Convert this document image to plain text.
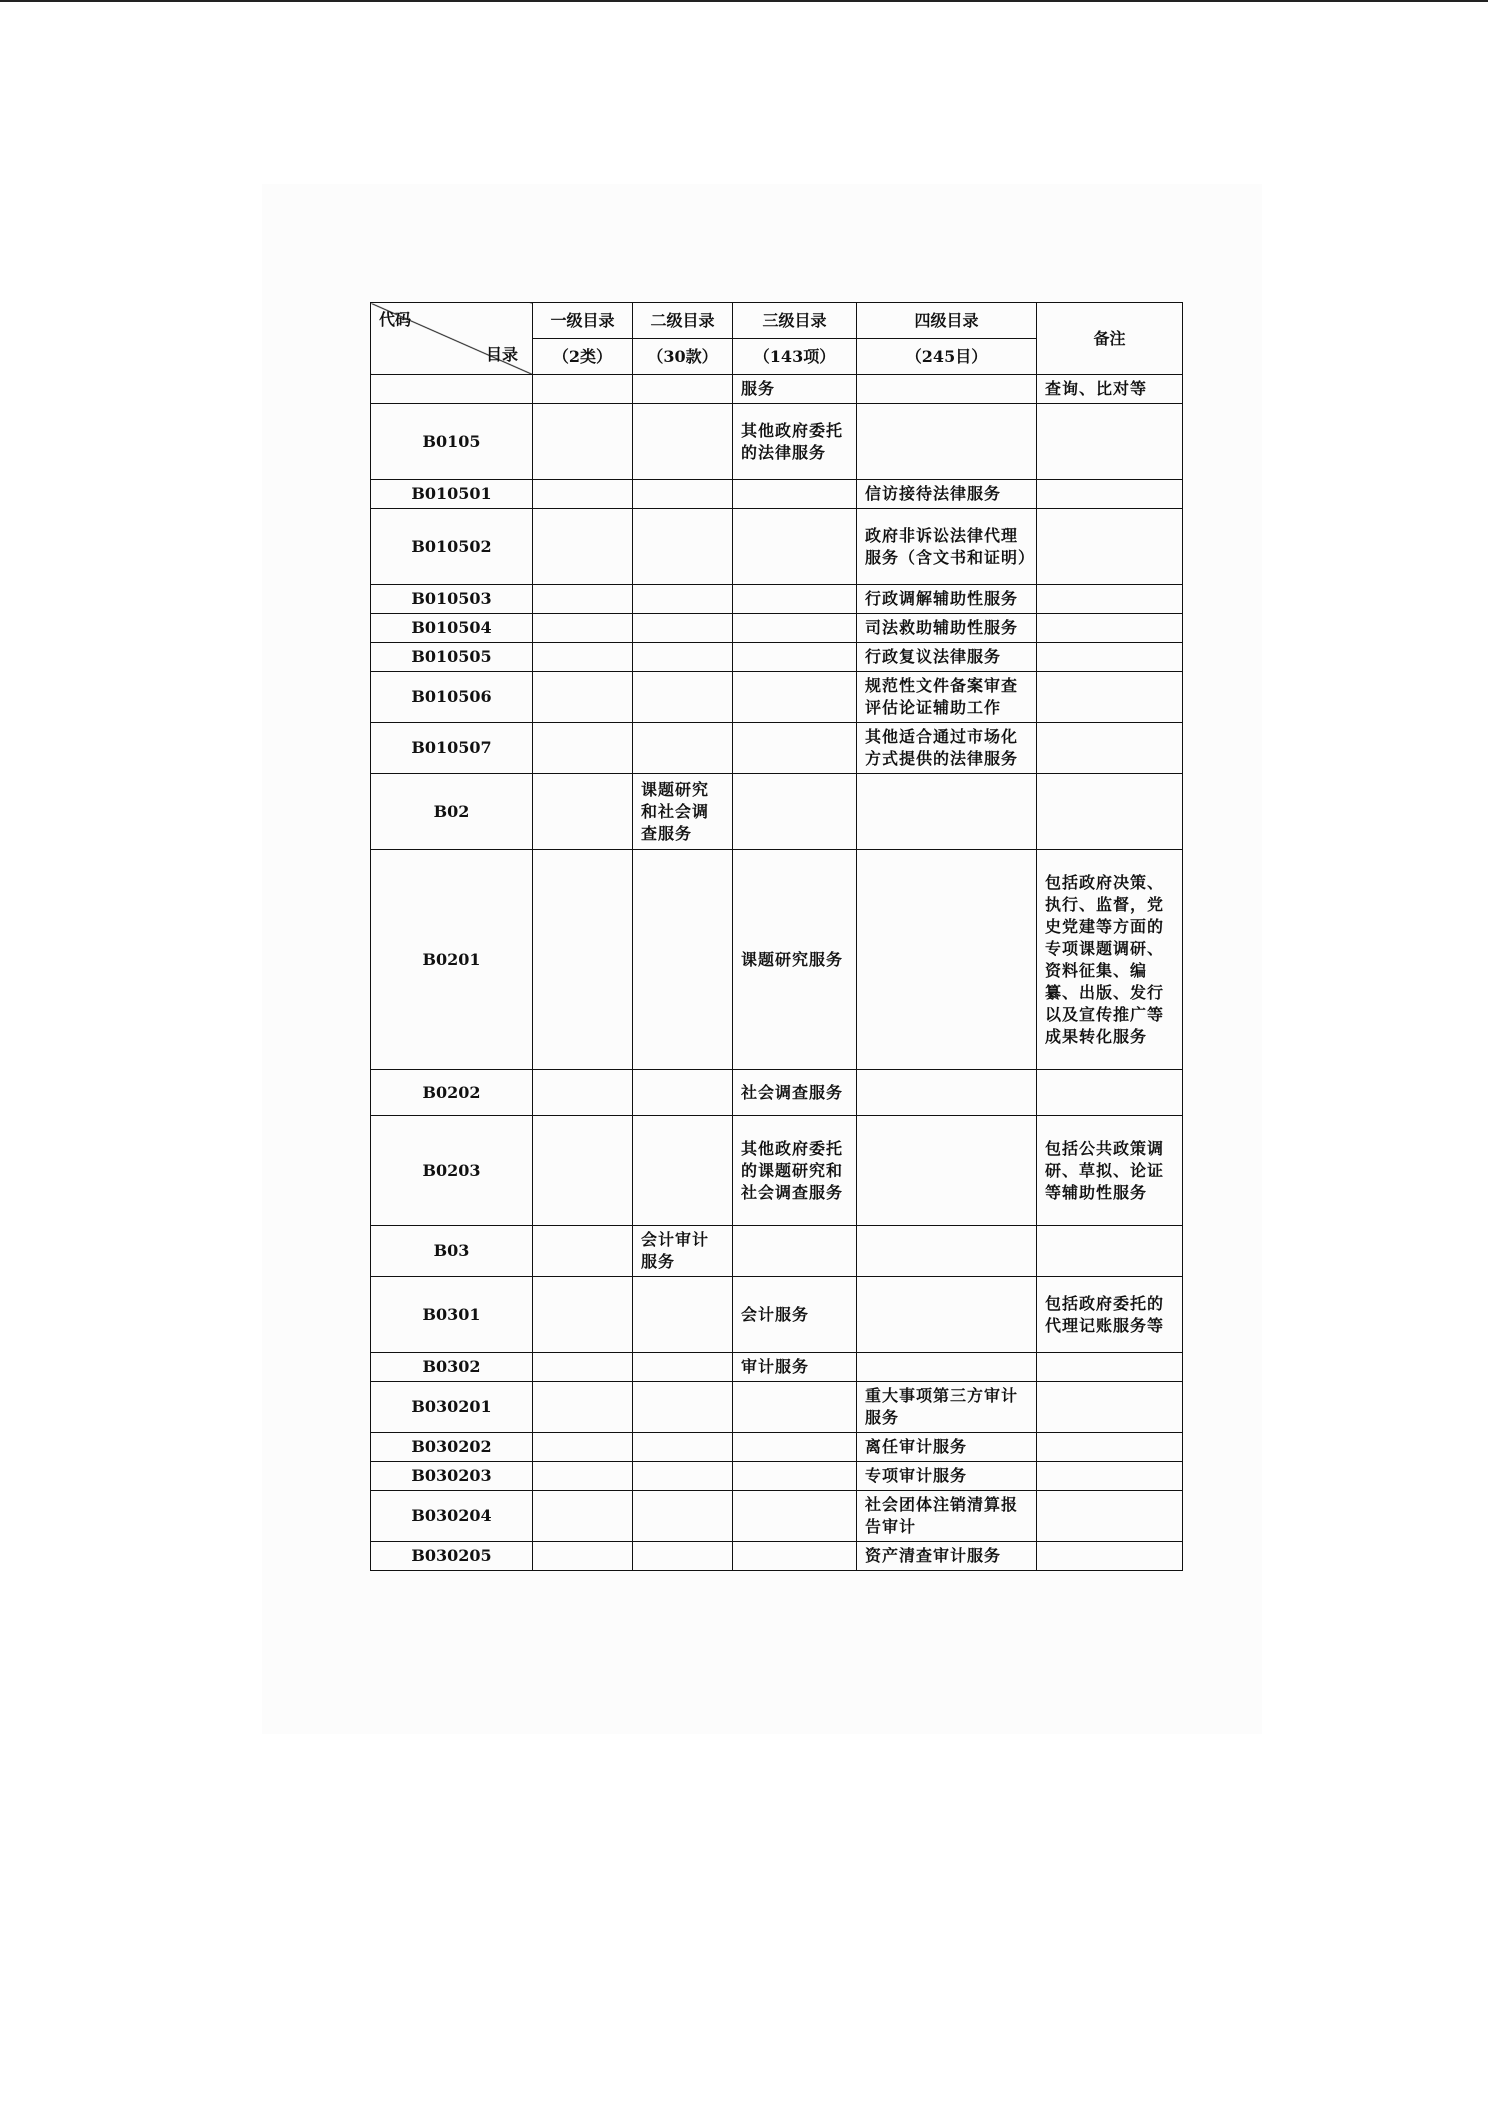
代码
目录	一级目录	二级目录	三级目录	四级目录	备注
	（2类）	（30款）	（143项）	（245目）	
			服务		查询、比对等
B0105			其他政府委托的法律服务		
B010501				信访接待法律服务	
B010502				政府非诉讼法律代理服务（含文书和证明）	
B010503				行政调解辅助性服务	
B010504				司法救助辅助性服务	
B010505				行政复议法律服务	
B010506				规范性文件备案审查评估论证辅助工作	
B010507				其他适合通过市场化方式提供的法律服务	
B02		课题研究和社会调查服务			
B0201			课题研究服务		包括政府决策、执行、监督，党史党建等方面的专项课题调研、资料征集、编纂、出版、发行以及宣传推广等成果转化服务
B0202			社会调查服务		
B0203			其他政府委托的课题研究和社会调查服务		包括公共政策调研、草拟、论证等辅助性服务
B03		会计审计服务			
B0301			会计服务		包括政府委托的代理记账服务等
B0302			审计服务		
B030201				重大事项第三方审计服务	
B030202				离任审计服务	
B030203				专项审计服务	
B030204				社会团体注销清算报告审计	
B030205				资产清查审计服务	
